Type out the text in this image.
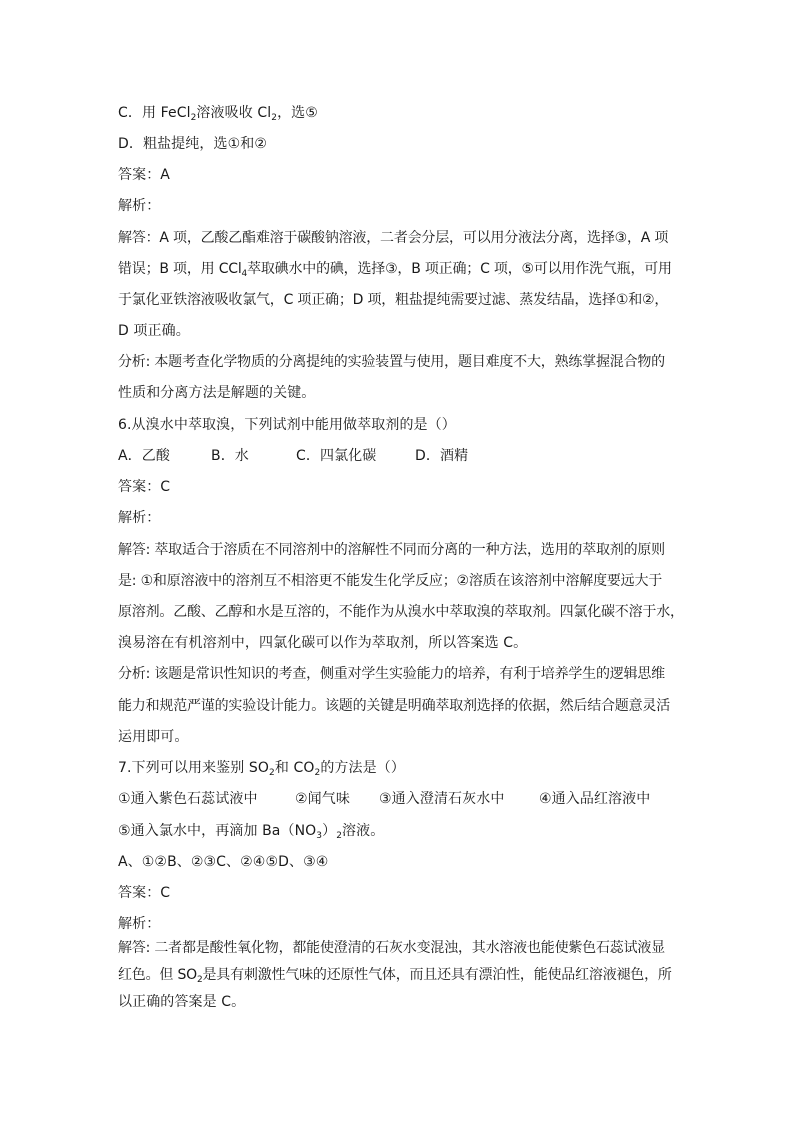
C．用 FeCl$_2$溶液吸收 $Cl_2$，选⑤
D．粗盐提纯，选①和②
答案：A
解析：
解答：A 项，乙酸乙酯难溶于碳酸钠溶液，二者会分层，可以用分液法分离，选择③，A 项
错误；B 项，用 CCl$_4$萃取碘水中的碘，选择③，B 项正确；C 项，⑤可以用作洗气瓶，可用
于氯化亚铁溶液吸收氯气，C 项正确；D 项，粗盐提纯需要过滤、蒸发结晶，选择①和②，
D 项正确。
分析: 本题考查化学物质的分离提纯的实验装置与使用，题目难度不大，熟练掌握混合物的
性质和分离方法是解题的关键。
6.从溴水中萃取溴，下列试剂中能用做萃取剂的是（）
A．乙酸	B．水	C．四氯化碳	D．酒精
答案：C
解析：
解答: 萃取适合于溶质在不同溶剂中的溶解性不同而分离的一种方法，选用的萃取剂的原则
是: ①和原溶液中的溶剂互不相溶更不能发生化学反应；②溶质在该溶剂中溶解度要远大于
原溶剂。乙酸、乙醇和水是互溶的，不能作为从溴水中萃取溴的萃取剂。四氯化碳不溶于水，
溴易溶在有机溶剂中，四氯化碳可以作为萃取剂，所以答案选 C。
分析: 该题是常识性知识的考查，侧重对学生实验能力的培养，有利于培养学生的逻辑思维
能力和规范严谨的实验设计能力。该题的关键是明确萃取剂选择的依据，然后结合题意灵活
运用即可。
7.下列可以用来鉴别 $SO_2$和 $CO_2$的方法是（）
①通入紫色石蕊试液中	②闻气味 ③通入澄清石灰水中 ④通入品红溶液中
⑤通入氯水中，再滴加 $Ba(NO_3)_2$溶液。
A、①②B、②③C、②④⑤D、③④
答案：C
解析：
解答: 二者都是酸性氧化物，都能使澄清的石灰水变混浊，其水溶液也能使紫色石蕊试液显
红色。但 $SO_2$是具有刺激性气味的还原性气体，而且还具有漂泊性，能使品红溶液褪色，所
以正确的答案是 C。
